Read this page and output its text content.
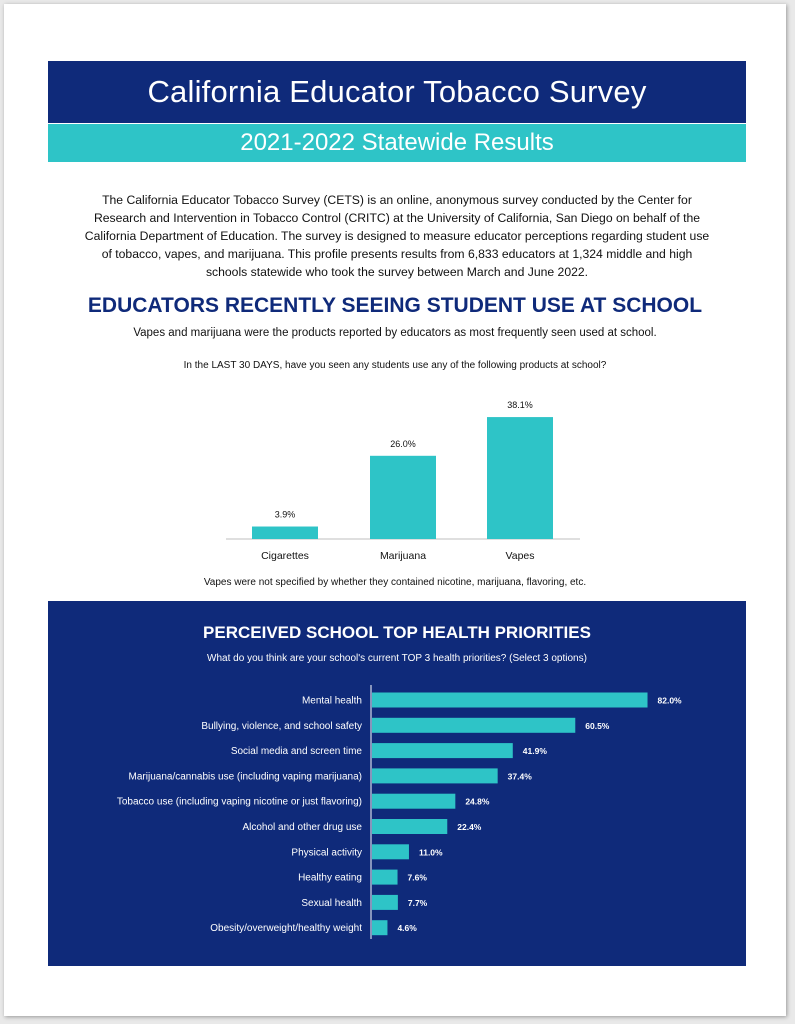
California Educator Tobacco Survey
2021-2022 Statewide Results

The California Educator Tobacco Survey (CETS) is an online, anonymous survey conducted by the Center for Research and Intervention in Tobacco Control (CRITC) at the University of California, San Diego on behalf of the California Department of Education. The survey is designed to measure educator perceptions regarding student use of tobacco, vapes, and marijuana. This profile presents results from 6,833 educators at 1,324 middle and high schools statewide who took the survey between March and June 2022.

EDUCATORS RECENTLY SEEING STUDENT USE AT SCHOOL
Vapes and marijuana were the products reported by educators as most frequently seen used at school.
In the LAST 30 DAYS, have you seen any students use any of the following products at school?
3.9%
Cigarettes
26.0%
Marijuana
38.1%
Vapes
Vapes were not specified by whether they contained nicotine, marijuana, flavoring, etc.
PERCEIVED SCHOOL TOP HEALTH PRIORITIES
What do you think are your school's current TOP 3 health priorities? (Select 3 options)
Mental health	82.0%
Bullying, violence, and school safety	60.5%
Social media and screen time	41.9%
Marijuana/cannabis use (including vaping marijuana)	37.4%
Tobacco use (including vaping nicotine or just flavoring)	24.8%
Alcohol and other drug use	22.4%
Physical activity	11.0%
Healthy eating	7.6%
Sexual health	7.7%
Obesity/overweight/healthy weight	4.6%
